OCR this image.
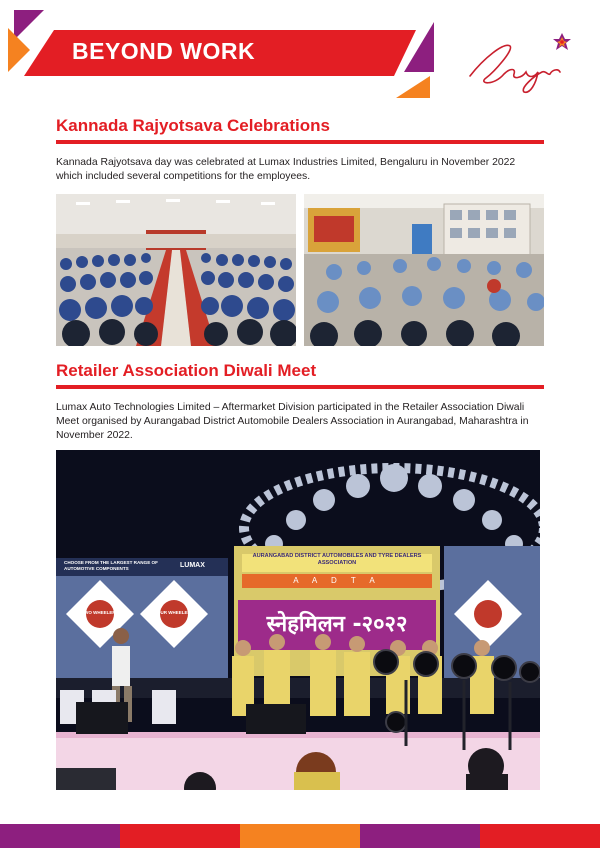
BEYOND WORK
Kannada Rajyotsava Celebrations
Kannada Rajyotsava day was celebrated at Lumax Industries Limited, Bengaluru in November 2022 which included several competitions for the employees.
Retailer Association Diwali Meet
Lumax Auto Technologies Limited – Aftermarket Division participated in the Retailer Association Diwali Meet organised by Aurangabad District Automobile Dealers Association in Aurangabad, Maharashtra in November 2022.
AURANGABAD DISTRICT AUTOMOBILES AND TYRE DEALERS ASSOCIATION
A A D T A
स्नेहमिलन -२०२२
CHOOSE FROM THE LARGEST RANGE OF AUTOMOTIVE COMPONENTS	LUMAX
TWO WHEELERS	FOUR WHEELERS
